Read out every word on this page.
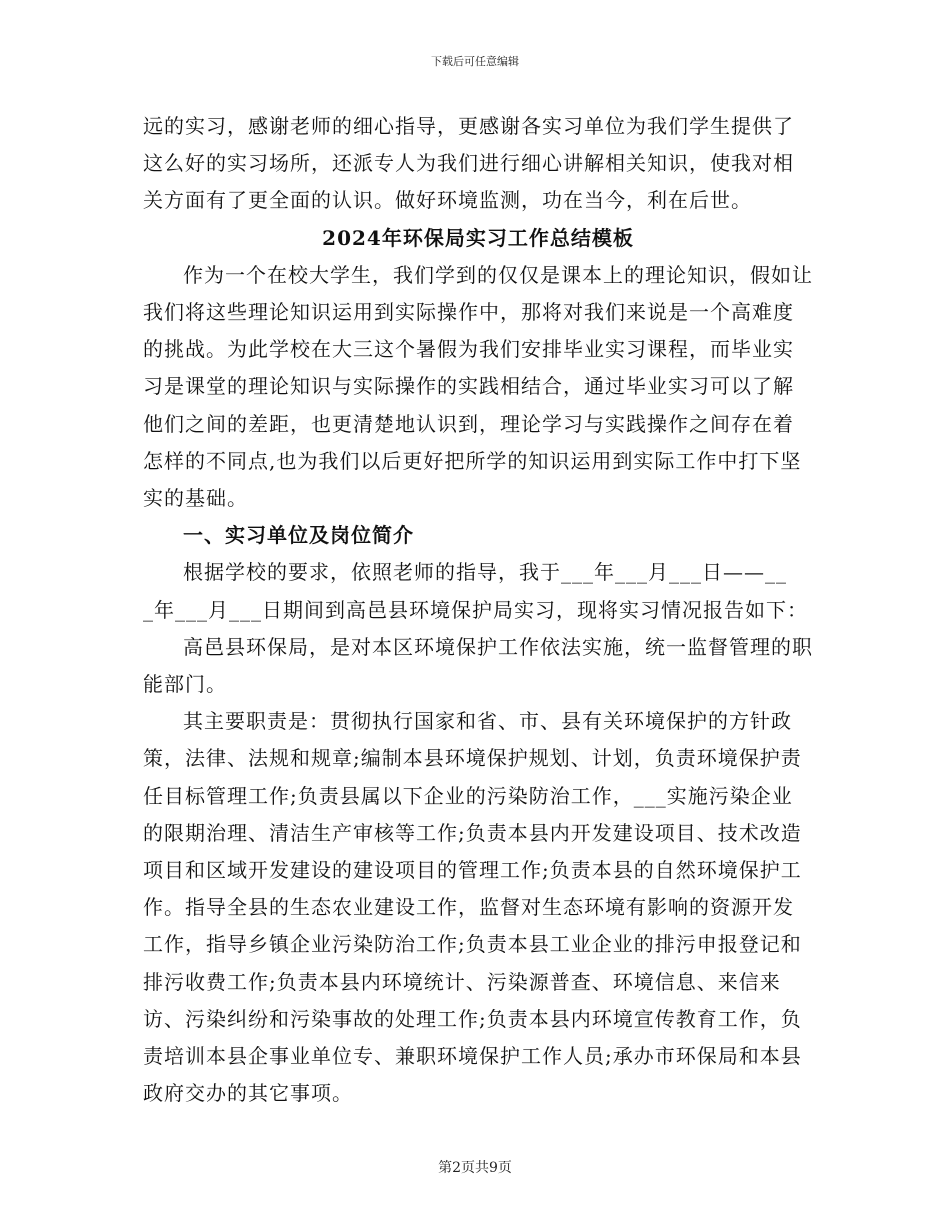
下载后可任意编辑

远的实习，感谢老师的细心指导，更感谢各实习单位为我们学生提供了这么好的实习场所，还派专人为我们进行细心讲解相关知识，使我对相关方面有了更全面的认识。做好环境监测，功在当今，利在后世。

2024年环保局实习工作总结模板

作为一个在校大学生，我们学到的仅仅是课本上的理论知识，假如让我们将这些理论知识运用到实际操作中，那将对我们来说是一个高难度的挑战。为此学校在大三这个暑假为我们安排毕业实习课程，而毕业实习是课堂的理论知识与实际操作的实践相结合，通过毕业实习可以了解他们之间的差距，也更清楚地认识到，理论学习与实践操作之间存在着怎样的不同点,也为我们以后更好把所学的知识运用到实际工作中打下坚实的基础。

一、实习单位及岗位简介

根据学校的要求，依照老师的指导，我于___年___月___日——__

_年___月___日期间到高邑县环境保护局实习，现将实习情况报告如下：

高邑县环保局，是对本区环境保护工作依法实施，统一监督管理的职能部门。

其主要职责是：贯彻执行国家和省、市、县有关环境保护的方针政策，法律、法规和规章;编制本县环境保护规划、计划，负责环境保护责任目标管理工作;负责县属以下企业的污染防治工作，___实施污染企业的限期治理、清洁生产审核等工作;负责本县内开发建设项目、技术改造项目和区域开发建设的建设项目的管理工作;负责本县的自然环境保护工作。指导全县的生态农业建设工作，监督对生态环境有影响的资源开发工作，指导乡镇企业污染防治工作;负责本县工业企业的排污申报登记和排污收费工作;负责本县内环境统计、污染源普查、环境信息、来信来访、污染纠纷和污染事故的处理工作;负责本县内环境宣传教育工作，负责培训本县企事业单位专、兼职环境保护工作人员;承办市环保局和本县政府交办的其它事项。

第2页共9页
